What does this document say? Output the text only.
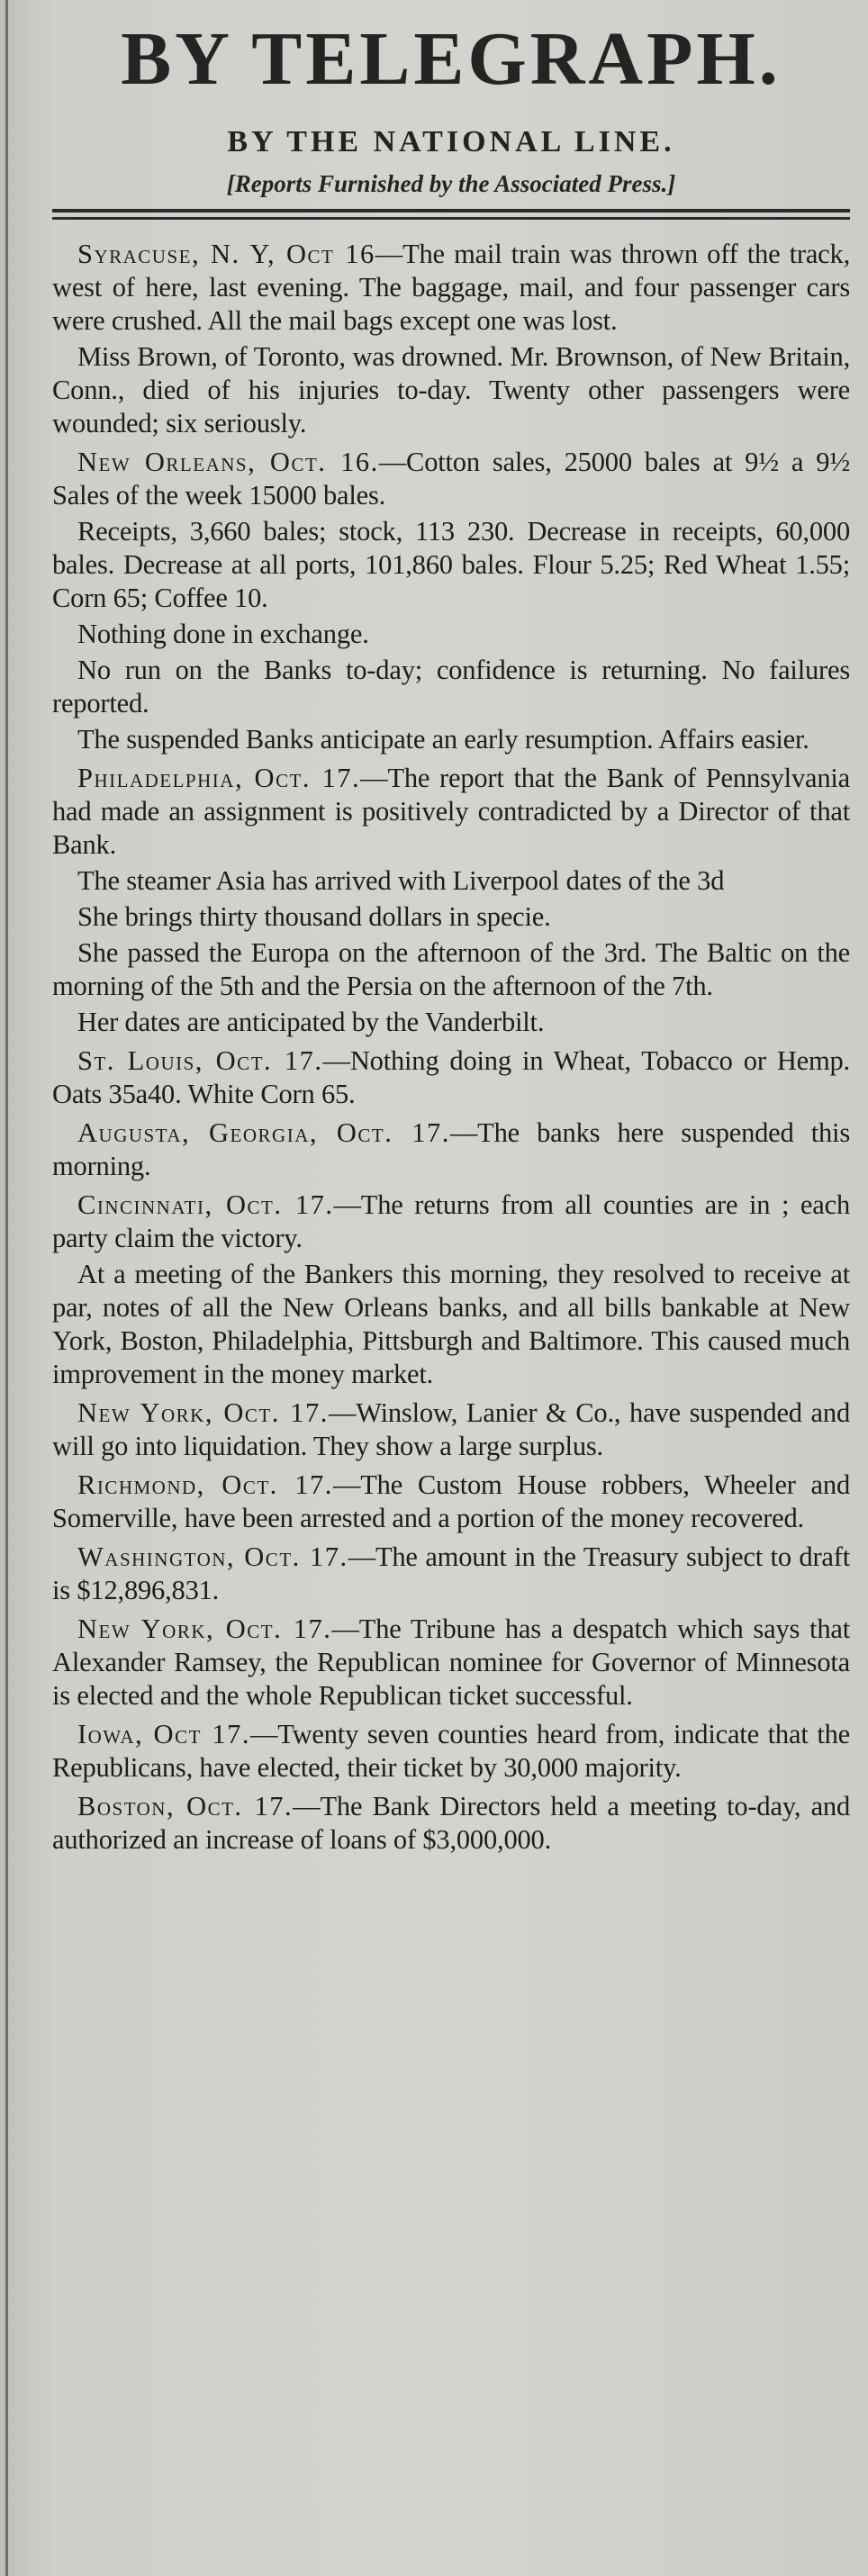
BY TELEGRAPH.
BY THE NATIONAL LINE.
[Reports Furnished by the Associated Press.]

Syracuse, N. Y, Oct 16—The mail train was thrown off the track, west of here, last evening. The baggage, mail, and four passenger cars were crushed. All the mail bags except one was lost.

Miss Brown, of Toronto, was drowned. Mr. Brownson, of New Britain, Conn., died of his injuries to-day. Twenty other passengers were wounded; six seriously.

New Orleans, Oct. 16.—Cotton sales, 25000 bales at 9½ a 9½ Sales of the week 15000 bales.

Receipts, 3,660 bales; stock, 113 230. Decrease in receipts, 60,000 bales. Decrease at all ports, 101,860 bales. Flour 5.25; Red Wheat 1.55; Corn 65; Coffee 10.

Nothing done in exchange.

No run on the Banks to-day; confidence is returning. No failures reported.

The suspended Banks anticipate an early resumption. Affairs easier.

Philadelphia, Oct. 17.—The report that the Bank of Pennsylvania had made an assignment is positively contradicted by a Director of that Bank.

The steamer Asia has arrived with Liverpool dates of the 3d

She brings thirty thousand dollars in specie.

She passed the Europa on the afternoon of the 3rd. The Baltic on the morning of the 5th and the Persia on the afternoon of the 7th.

Her dates are anticipated by the Vanderbilt.

St. Louis, Oct. 17.—Nothing doing in Wheat, Tobacco or Hemp. Oats 35a40. White Corn 65.

Augusta, Georgia, Oct. 17.—The banks here suspended this morning.

Cincinnati, Oct. 17.—The returns from all counties are in ; each party claim the victory.

At a meeting of the Bankers this morning, they resolved to receive at par, notes of all the New Orleans banks, and all bills bankable at New York, Boston, Philadelphia, Pittsburgh and Baltimore. This caused much improvement in the money market.

New York, Oct. 17.—Winslow, Lanier & Co., have suspended and will go into liquidation. They show a large surplus.

Richmond, Oct. 17.—The Custom House robbers, Wheeler and Somerville, have been arrested and a portion of the money recovered.

Washington, Oct. 17.—The amount in the Treasury subject to draft is $12,896,831.

New York, Oct. 17.—The Tribune has a despatch which says that Alexander Ramsey, the Republican nominee for Governor of Minnesota is elected and the whole Republican ticket successful.

Iowa, Oct 17.—Twenty seven counties heard from, indicate that the Republicans, have elected, their ticket by 30,000 majority.

Boston, Oct. 17.—The Bank Directors held a meeting to-day, and authorized an increase of loans of $3,000,000.
